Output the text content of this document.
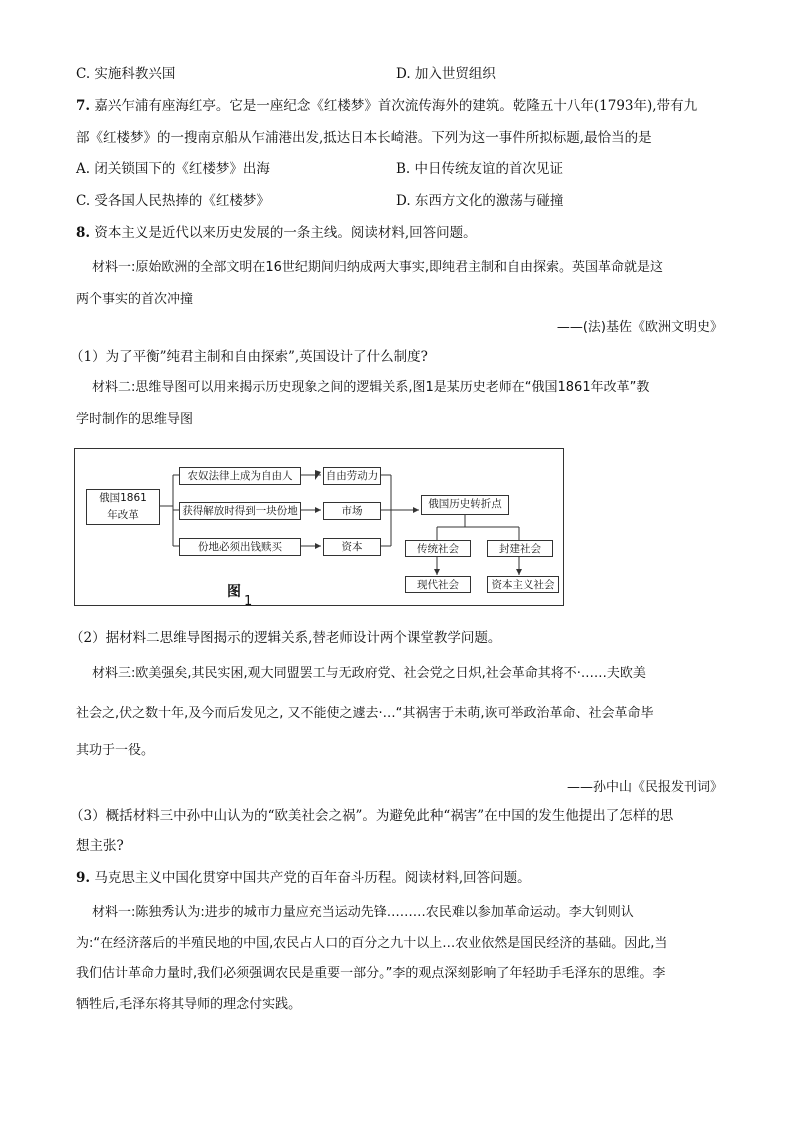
C. 实施科教兴国	D. 加入世贸组织
7. 嘉兴乍浦有座海红亭。它是一座纪念《红楼梦》首次流传海外的建筑。乾隆五十八年(1793年),带有九
部《红楼梦》的一搜南京船从乍浦港出发,抵达日本长崎港。下列为这一事件所拟标题,最恰当的是
A. 闭关锁国下的《红楼梦》出海	B. 中日传统友谊的首次见证
C. 受各国人民热捧的《红楼梦》	D. 东西方文化的激荡与碰撞
8. 资本主义是近代以来历史发展的一条主线。阅读材料,回答问题。
材料一:原始欧洲的全部文明在16世纪期间归纳成两大事实,即纯君主制和自由探索。英国革命就是这
两个事实的首次冲撞
——(法)基佐《欧洲文明史》
（1）为了平衡”纯君主制和自由探索”,英国设计了什么制度?
材料二:思维导图可以用来揭示历史现象之间的逻辑关系,图1是某历史老师在“俄国1861年改革”教
学时制作的思维导图
俄国1861
年改革
农奴法律上成为自由人
获得解放时得到一块份地
份地必须出钱赎买
自由劳动力
市场
资本
俄国历史转折点
传统社会	封建社会
现代社会	资本主义社会
图
1
（2）据材料二思维导图揭示的逻辑关系,替老师设计两个课堂教学问题。
材料三:欧美强矣,其民实困,观大同盟罢工与无政府党、社会党之日炽,社会革命其将不·……夫欧美
社会之,伏之数十年,及今而后发见之, 又不能使之遽去·…“其祸害于未萌,诙可举政治革命、社会革命毕
其功于一役。
——孙中山《民报发刊词》
（3）概括材料三中孙中山认为的“欧美社会之祸”。为避免此种“祸害”在中国的发生他提出了怎样的思
想主张?
9. 马克思主义中国化贯穿中国共产党的百年奋斗历程。阅读材料,回答问题。
材料一:陈独秀认为:进步的城市力量应充当运动先锋………农民难以参加革命运动。李大钊则认
为:“在经济落后的半殖民地的中国,农民占人口的百分之九十以上…农业依然是国民经济的基础。因此,当
我们估计革命力量时,我们必须强调农民是重要一部分。”李的观点深刻影响了年轻助手毛泽东的思维。李
牺牲后,毛泽东将其导师的理念付实践。
